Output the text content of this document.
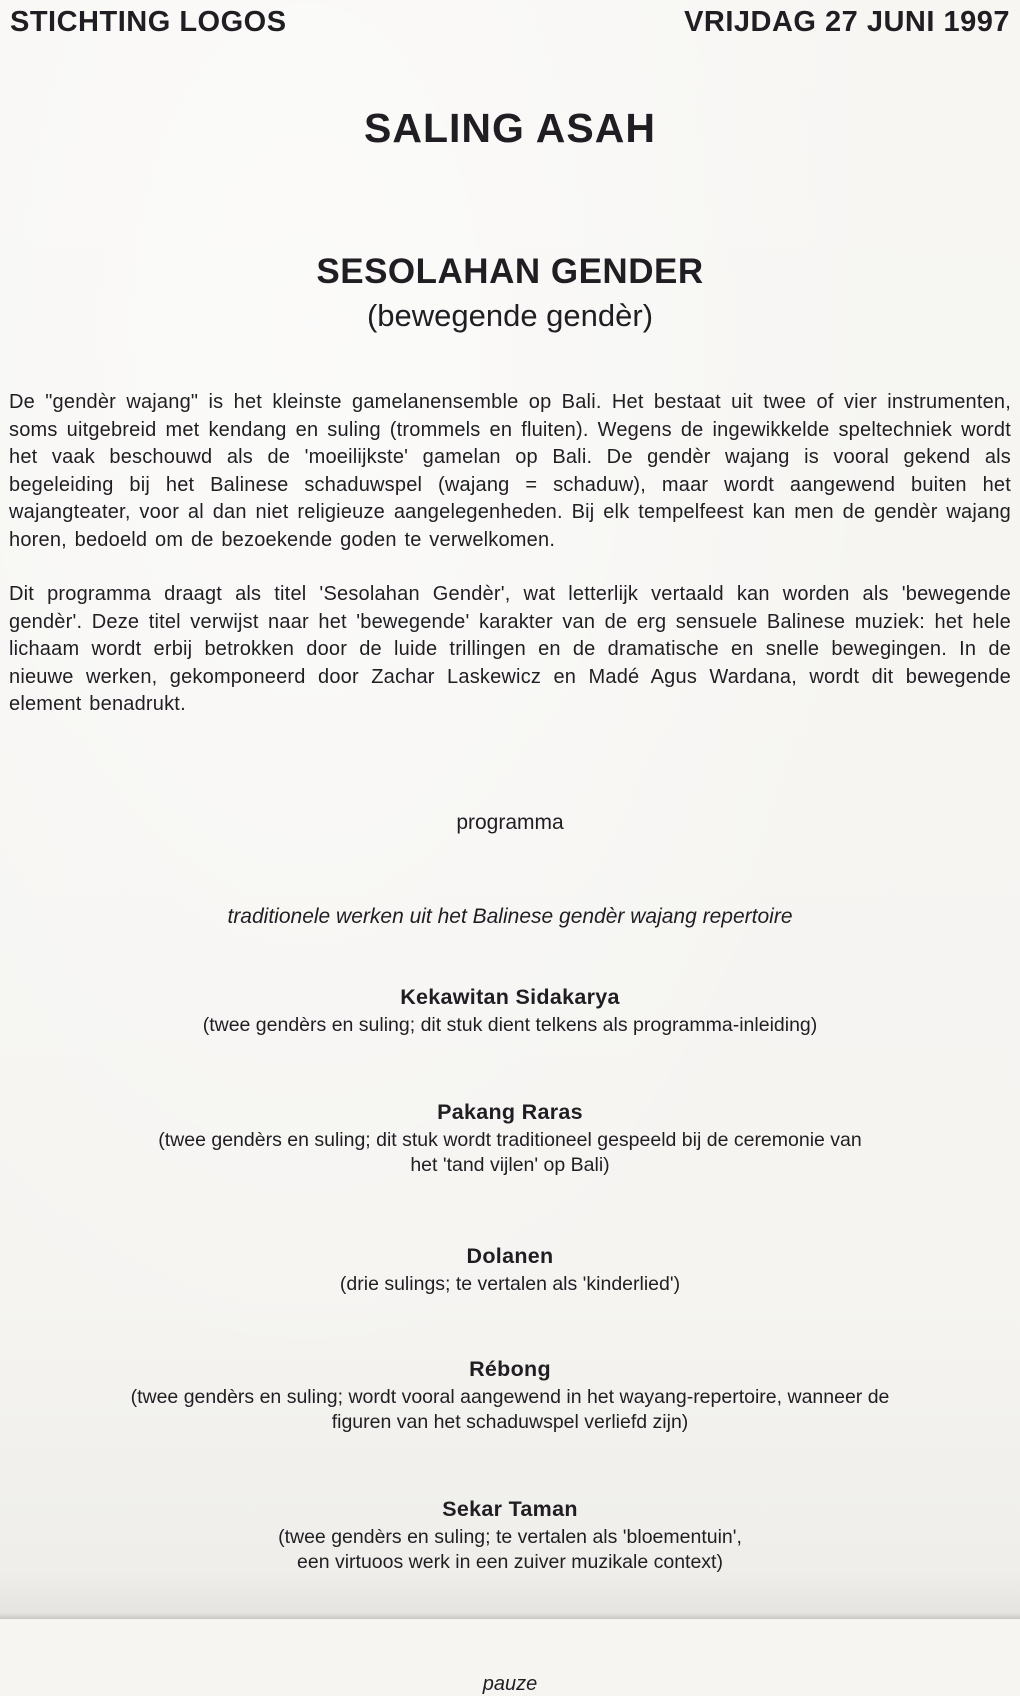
STICHTING LOGOS	VRIJDAG 27 JUNI 1997
SALING ASAH
SESOLAHAN GENDER
(bewegende gendèr)

De "gendèr wajang" is het kleinste gamelanensemble op Bali. Het bestaat uit twee of vier instrumenten, soms uitgebreid met kendang en suling (trommels en fluiten). Wegens de ingewikkelde speltechniek wordt het vaak beschouwd als de 'moeilijkste' gamelan op Bali. De gendèr wajang is vooral gekend als begeleiding bij het Balinese schaduwspel (wajang = schaduw), maar wordt aangewend buiten het wajangteater, voor al dan niet religieuze aangelegenheden. Bij elk tempelfeest kan men de gendèr wajang horen, bedoeld om de bezoekende goden te verwelkomen.

Dit programma draagt als titel 'Sesolahan Gendèr', wat letterlijk vertaald kan worden als 'bewegende gendèr'. Deze titel verwijst naar het 'bewegende' karakter van de erg sensuele Balinese muziek: het hele lichaam wordt erbij betrokken door de luide trillingen en de dramatische en snelle bewegingen. In de nieuwe werken, gekomponeerd door Zachar Laskewicz en Madé Agus Wardana, wordt dit bewegende element benadrukt.

programma
traditionele werken uit het Balinese gendèr wajang repertoire
Kekawitan Sidakarya
(twee gendèrs en suling; dit stuk dient telkens als programma-inleiding)
Pakang Raras
(twee gendèrs en suling; dit stuk wordt traditioneel gespeeld bij de ceremonie van het 'tand vijlen' op Bali)
Dolanen
(drie sulings; te vertalen als 'kinderlied')
Rébong
(twee gendèrs en suling; wordt vooral aangewend in het wayang-repertoire, wanneer de figuren van het schaduwspel verliefd zijn)
Sekar Taman
(twee gendèrs en suling; te vertalen als 'bloementuin', een virtuoos werk in een zuiver muzikale context)
pauze
